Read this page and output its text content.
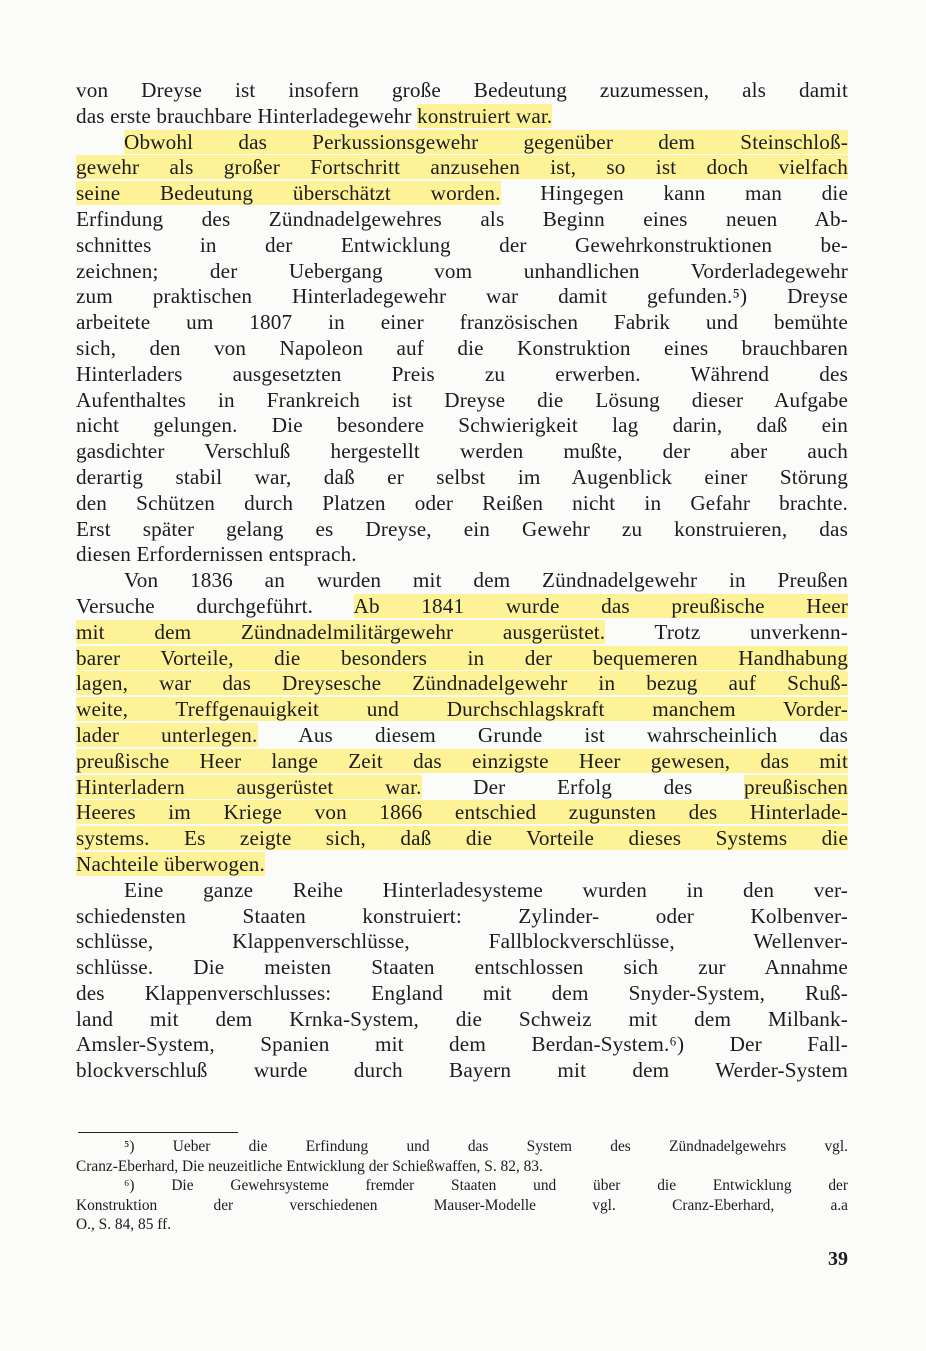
von Dreyse ist insofern große Bedeutung zuzumessen, als damit
das erste brauchbare Hinterladegewehr konstruiert war.
Obwohl das Perkussionsgewehr gegenüber dem Steinschloß-
gewehr als großer Fortschritt anzusehen ist, so ist doch vielfach
seine Bedeutung überschätzt worden. Hingegen kann man die
Erfindung des Zündnadelgewehres als Beginn eines neuen Ab-
schnittes in der Entwicklung der Gewehrkonstruktionen be-
zeichnen; der Uebergang vom unhandlichen Vorderladegewehr
zum praktischen Hinterladegewehr war damit gefunden.⁵) Dreyse
arbeitete um 1807 in einer französischen Fabrik und bemühte
sich, den von Napoleon auf die Konstruktion eines brauchbaren
Hinterladers ausgesetzten Preis zu erwerben. Während des
Aufenthaltes in Frankreich ist Dreyse die Lösung dieser Aufgabe
nicht gelungen. Die besondere Schwierigkeit lag darin, daß ein
gasdichter Verschluß hergestellt werden mußte, der aber auch
derartig stabil war, daß er selbst im Augenblick einer Störung
den Schützen durch Platzen oder Reißen nicht in Gefahr brachte.
Erst später gelang es Dreyse, ein Gewehr zu konstruieren, das
diesen Erfordernissen entsprach.
Von 1836 an wurden mit dem Zündnadelgewehr in Preußen
Versuche durchgeführt. Ab 1841 wurde das preußische Heer
mit dem Zündnadelmilitärgewehr ausgerüstet. Trotz unverkenn-
barer Vorteile, die besonders in der bequemeren Handhabung
lagen, war das Dreysesche Zündnadelgewehr in bezug auf Schuß-
weite, Treffgenauigkeit und Durchschlagskraft manchem Vorder-
lader unterlegen. Aus diesem Grunde ist wahrscheinlich das
preußische Heer lange Zeit das einzigste Heer gewesen, das mit
Hinterladern ausgerüstet war. Der Erfolg des preußischen
Heeres im Kriege von 1866 entschied zugunsten des Hinterlade-
systems. Es zeigte sich, daß die Vorteile dieses Systems die
Nachteile überwogen.
Eine ganze Reihe Hinterladesysteme wurden in den ver-
schiedensten Staaten konstruiert: Zylinder- oder Kolbenver-
schlüsse, Klappenverschlüsse, Fallblockverschlüsse, Wellenver-
schlüsse. Die meisten Staaten entschlossen sich zur Annahme
des Klappenverschlusses: England mit dem Snyder-System, Ruß-
land mit dem Krnka-System, die Schweiz mit dem Milbank-
Amsler-System, Spanien mit dem Berdan-System.⁶) Der Fall-
blockverschluß wurde durch Bayern mit dem Werder-System
⁵) Ueber die Erfindung und das System des Zündnadelgewehrs vgl.
Cranz-Eberhard, Die neuzeitliche Entwicklung der Schießwaffen, S. 82, 83.
⁶) Die Gewehrsysteme fremder Staaten und über die Entwicklung der
Konstruktion der verschiedenen Mauser-Modelle vgl. Cranz-Eberhard, a.a
O., S. 84, 85 ff.
39
